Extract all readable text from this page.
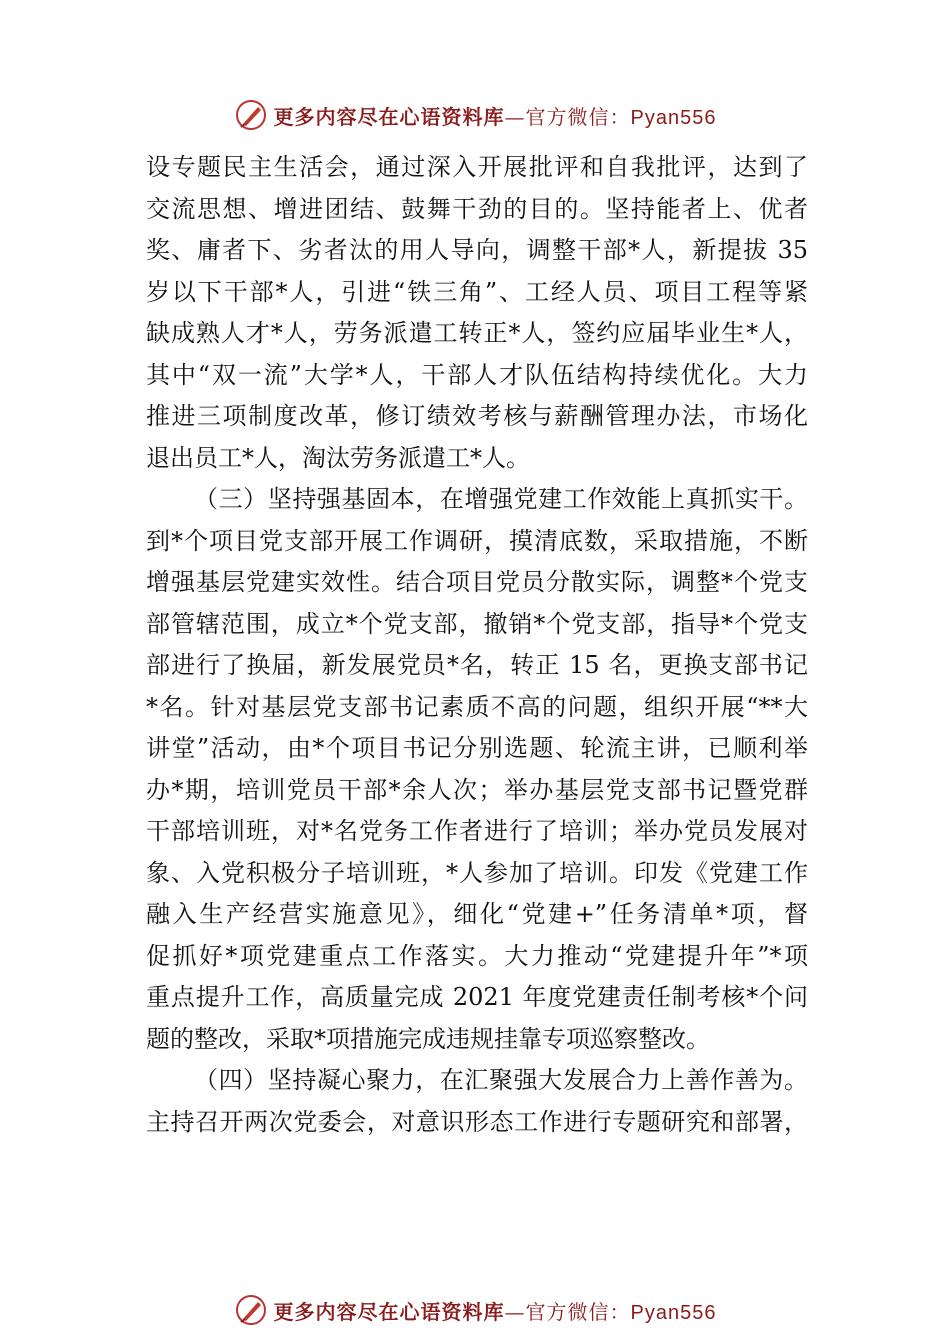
更多内容尽在心语资料库—官方微信：Pyan556
设专题民主生活会，通过深入开展批评和自我批评，达到了
交流思想、增进团结、鼓舞干劲的目的。坚持能者上、优者
奖、庸者下、劣者汰的用人导向，调整干部*人，新提拔 35
岁以下干部*人，引进“铁三角”、工经人员、项目工程等紧
缺成熟人才*人，劳务派遣工转正*人，签约应届毕业生*人，
其中“双一流”大学*人，干部人才队伍结构持续优化。大力
推进三项制度改革，修订绩效考核与薪酬管理办法，市场化
退出员工*人，淘汰劳务派遣工*人。
（三）坚持强基固本，在增强党建工作效能上真抓实干。
到*个项目党支部开展工作调研，摸清底数，采取措施，不断
增强基层党建实效性。结合项目党员分散实际，调整*个党支
部管辖范围，成立*个党支部，撤销*个党支部，指导*个党支
部进行了换届，新发展党员*名，转正 15 名，更换支部书记
*名。针对基层党支部书记素质不高的问题，组织开展“**大
讲堂”活动，由*个项目书记分别选题、轮流主讲，已顺利举
办*期，培训党员干部*余人次；举办基层党支部书记暨党群
干部培训班，对*名党务工作者进行了培训；举办党员发展对
象、入党积极分子培训班，*人参加了培训。印发《党建工作
融入生产经营实施意见》，细化“党建+”任务清单*项，督
促抓好*项党建重点工作落实。大力推动“党建提升年”*项
重点提升工作，高质量完成 2021 年度党建责任制考核*个问
题的整改，采取*项措施完成违规挂靠专项巡察整改。
（四）坚持凝心聚力，在汇聚强大发展合力上善作善为。
主持召开两次党委会，对意识形态工作进行专题研究和部署，
更多内容尽在心语资料库—官方微信：Pyan556
